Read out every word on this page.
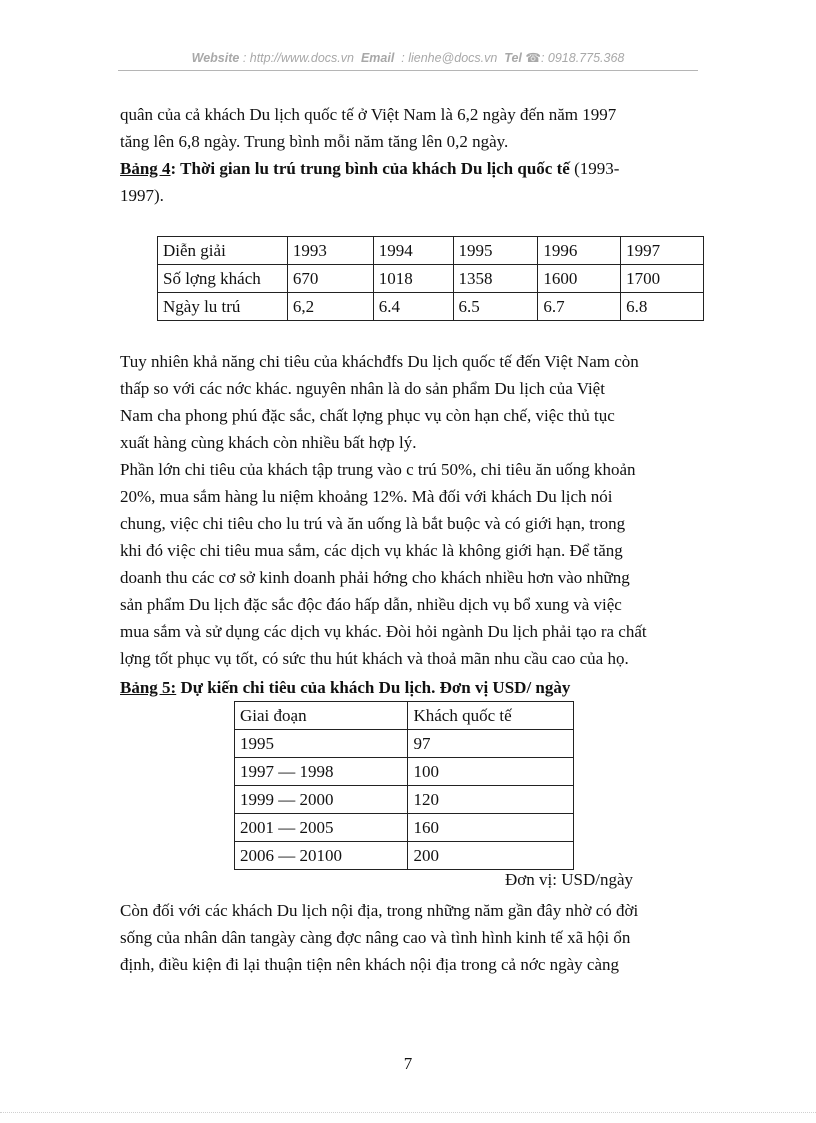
Website : http://www.docs.vn Email : lienhe@docs.vn Tel ☎: 0918.775.368

quân của cả khách Du lịch quốc tế ở Việt Nam là 6,2 ngày đến năm 1997
tăng lên 6,8 ngày. Trung bình mỗi năm tăng lên 0,2 ngày.

Bảng 4: Thời gian lu trú trung bình của khách Du lịch quốc tế (1993-
1997).

Diễn giải	1993	1994	1995	1996	1997
Số lợng khách	670	1018	1358	1600	1700
Ngày lu trú	6,2	6.4	6.5	6.7	6.8

Tuy nhiên khả năng chi tiêu của kháchđfs Du lịch quốc tế đến Việt Nam còn
thấp so với các nớc khác. nguyên nhân là do sản phẩm Du lịch của Việt
Nam cha phong phú đặc sắc, chất lợng phục vụ còn hạn chế, việc thủ tục
xuất hàng cùng khách còn nhiều bất hợp lý.

Phần lớn chi tiêu của khách tập trung vào c trú 50%, chi tiêu ăn uống khoản
20%, mua sắm hàng lu niệm khoảng 12%. Mà đối với khách Du lịch nói
chung, việc chi tiêu cho lu trú và ăn uống là bắt buộc và có giới hạn, trong
khi đó việc chi tiêu mua sắm, các dịch vụ khác là không giới hạn. Để tăng
doanh thu các cơ sở kinh doanh phải hớng cho khách nhiều hơn vào những
sản phẩm Du lịch đặc sắc độc đáo hấp dẫn, nhiều dịch vụ bổ xung và việc
mua sắm và sử dụng các dịch vụ khác. Đòi hỏi ngành Du lịch phải tạo ra chất
lợng tốt phục vụ tốt, có sức thu hút khách và thoả mãn nhu cầu cao của họ.

Bảng 5: Dự kiến chi tiêu của khách Du lịch. Đơn vị USD/ ngày

Giai đoạn	Khách quốc tế
1995	97
1997 — 1998	100
1999 — 2000	120
2001 — 2005	160
2006 — 20100	200
Đơn vị: USD/ngày

Còn đối với các khách Du lịch nội địa, trong những năm gần đây nhờ có đời
sống của nhân dân tangày càng đợc nâng cao và tình hình kinh tế xã hội ổn
định, điều kiện đi lại thuận tiện nên khách nội địa trong cả nớc ngày càng

7
